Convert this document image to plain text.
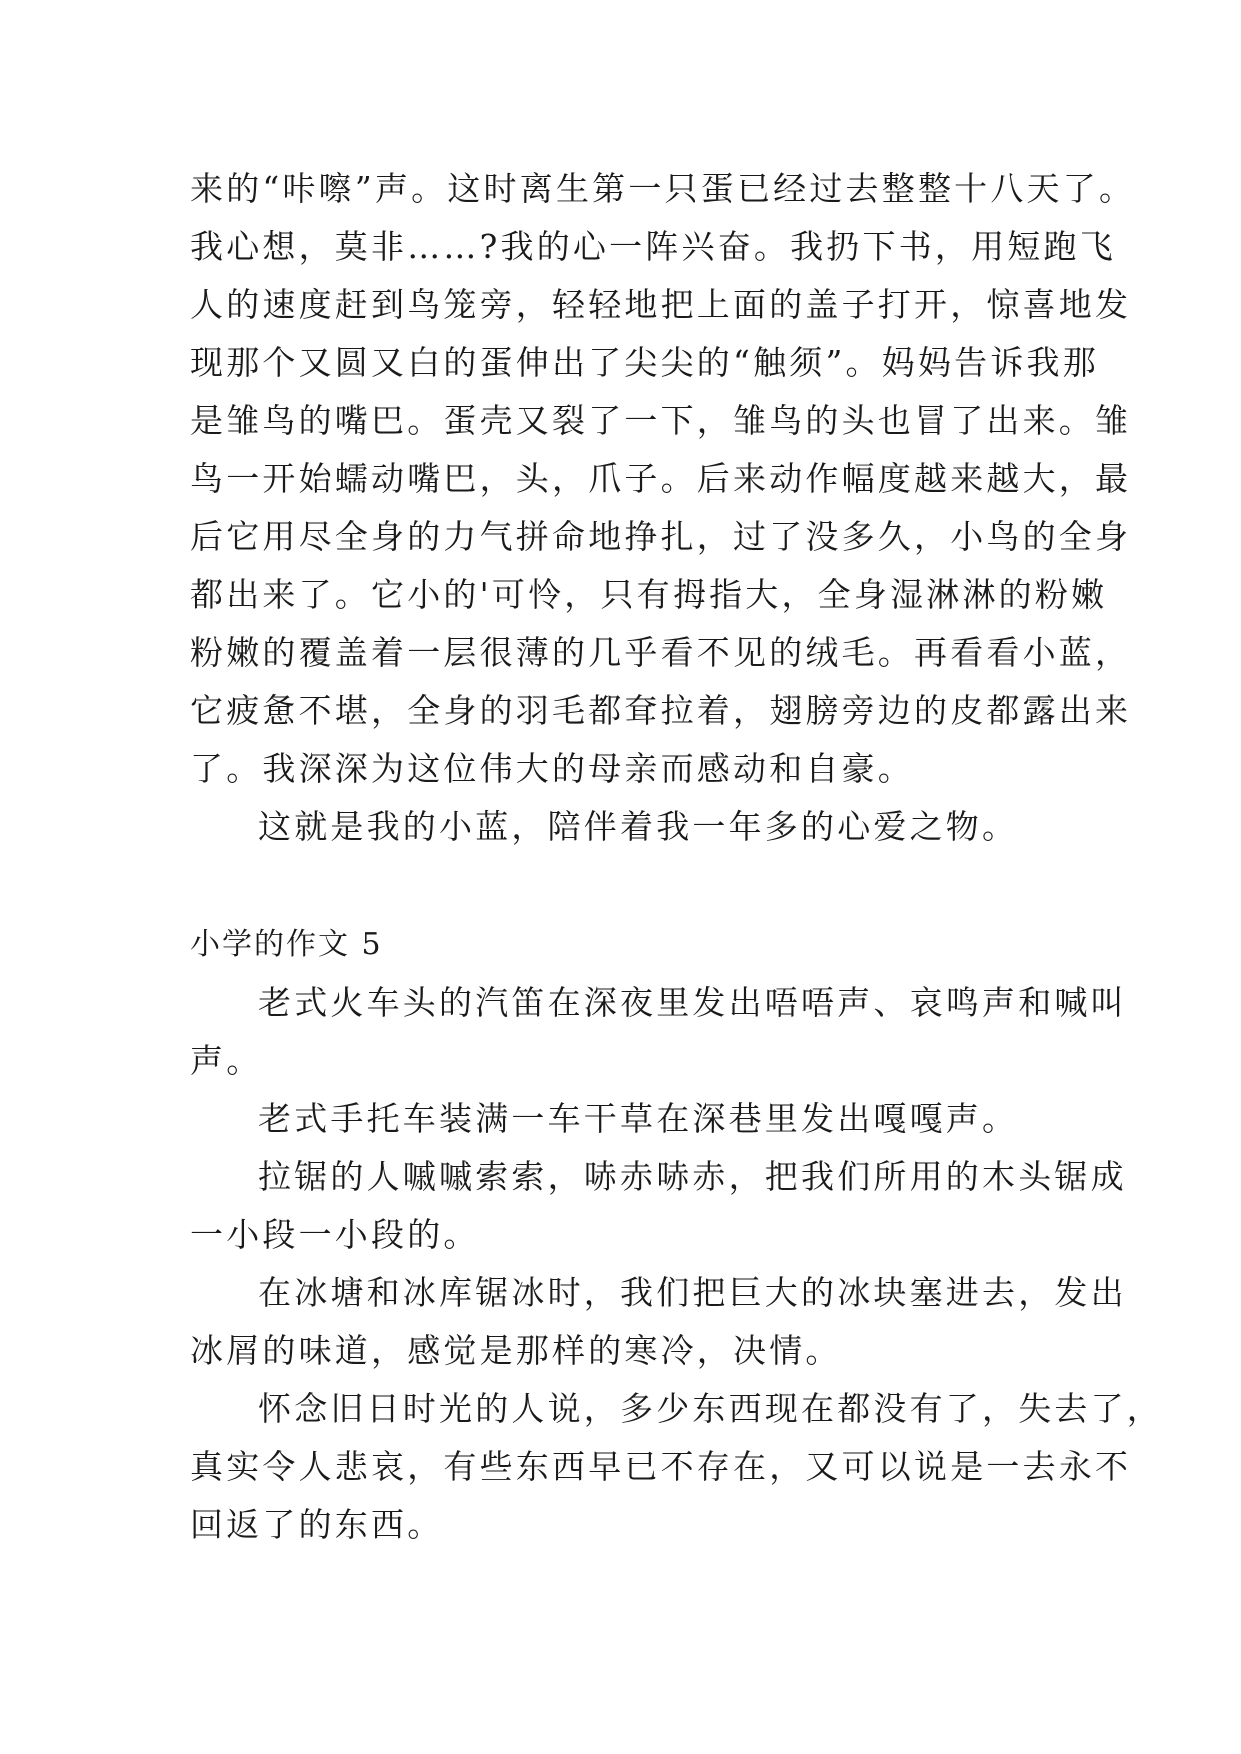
来的“咔嚓”声。这时离生第一只蛋已经过去整整十八天了。
我心想，莫非……?我的心一阵兴奋。我扔下书，用短跑飞
人的速度赶到鸟笼旁，轻轻地把上面的盖子打开，惊喜地发
现那个又圆又白的蛋伸出了尖尖的“触须”。妈妈告诉我那
是雏鸟的嘴巴。蛋壳又裂了一下，雏鸟的头也冒了出来。雏
鸟一开始蠕动嘴巴，头，爪子。后来动作幅度越来越大，最
后它用尽全身的力气拼命地挣扎，过了没多久，小鸟的全身
都出来了。它小的'可怜，只有拇指大，全身湿淋淋的粉嫩
粉嫩的覆盖着一层很薄的几乎看不见的绒毛。再看看小蓝，
它疲惫不堪，全身的羽毛都耷拉着，翅膀旁边的皮都露出来
了。我深深为这位伟大的母亲而感动和自豪。
这就是我的小蓝，陪伴着我一年多的心爱之物。
小学的作文 5
老式火车头的汽笛在深夜里发出唔唔声、哀鸣声和喊叫
声。
老式手托车装满一车干草在深巷里发出嘎嘎声。
拉锯的人嘁嘁索索，哧赤哧赤，把我们所用的木头锯成
一小段一小段的。
在冰塘和冰库锯冰时，我们把巨大的冰块塞进去，发出
冰屑的味道，感觉是那样的寒冷，决情。
怀念旧日时光的人说，多少东西现在都没有了，失去了，
真实令人悲哀，有些东西早已不存在，又可以说是一去永不
回返了的东西。
